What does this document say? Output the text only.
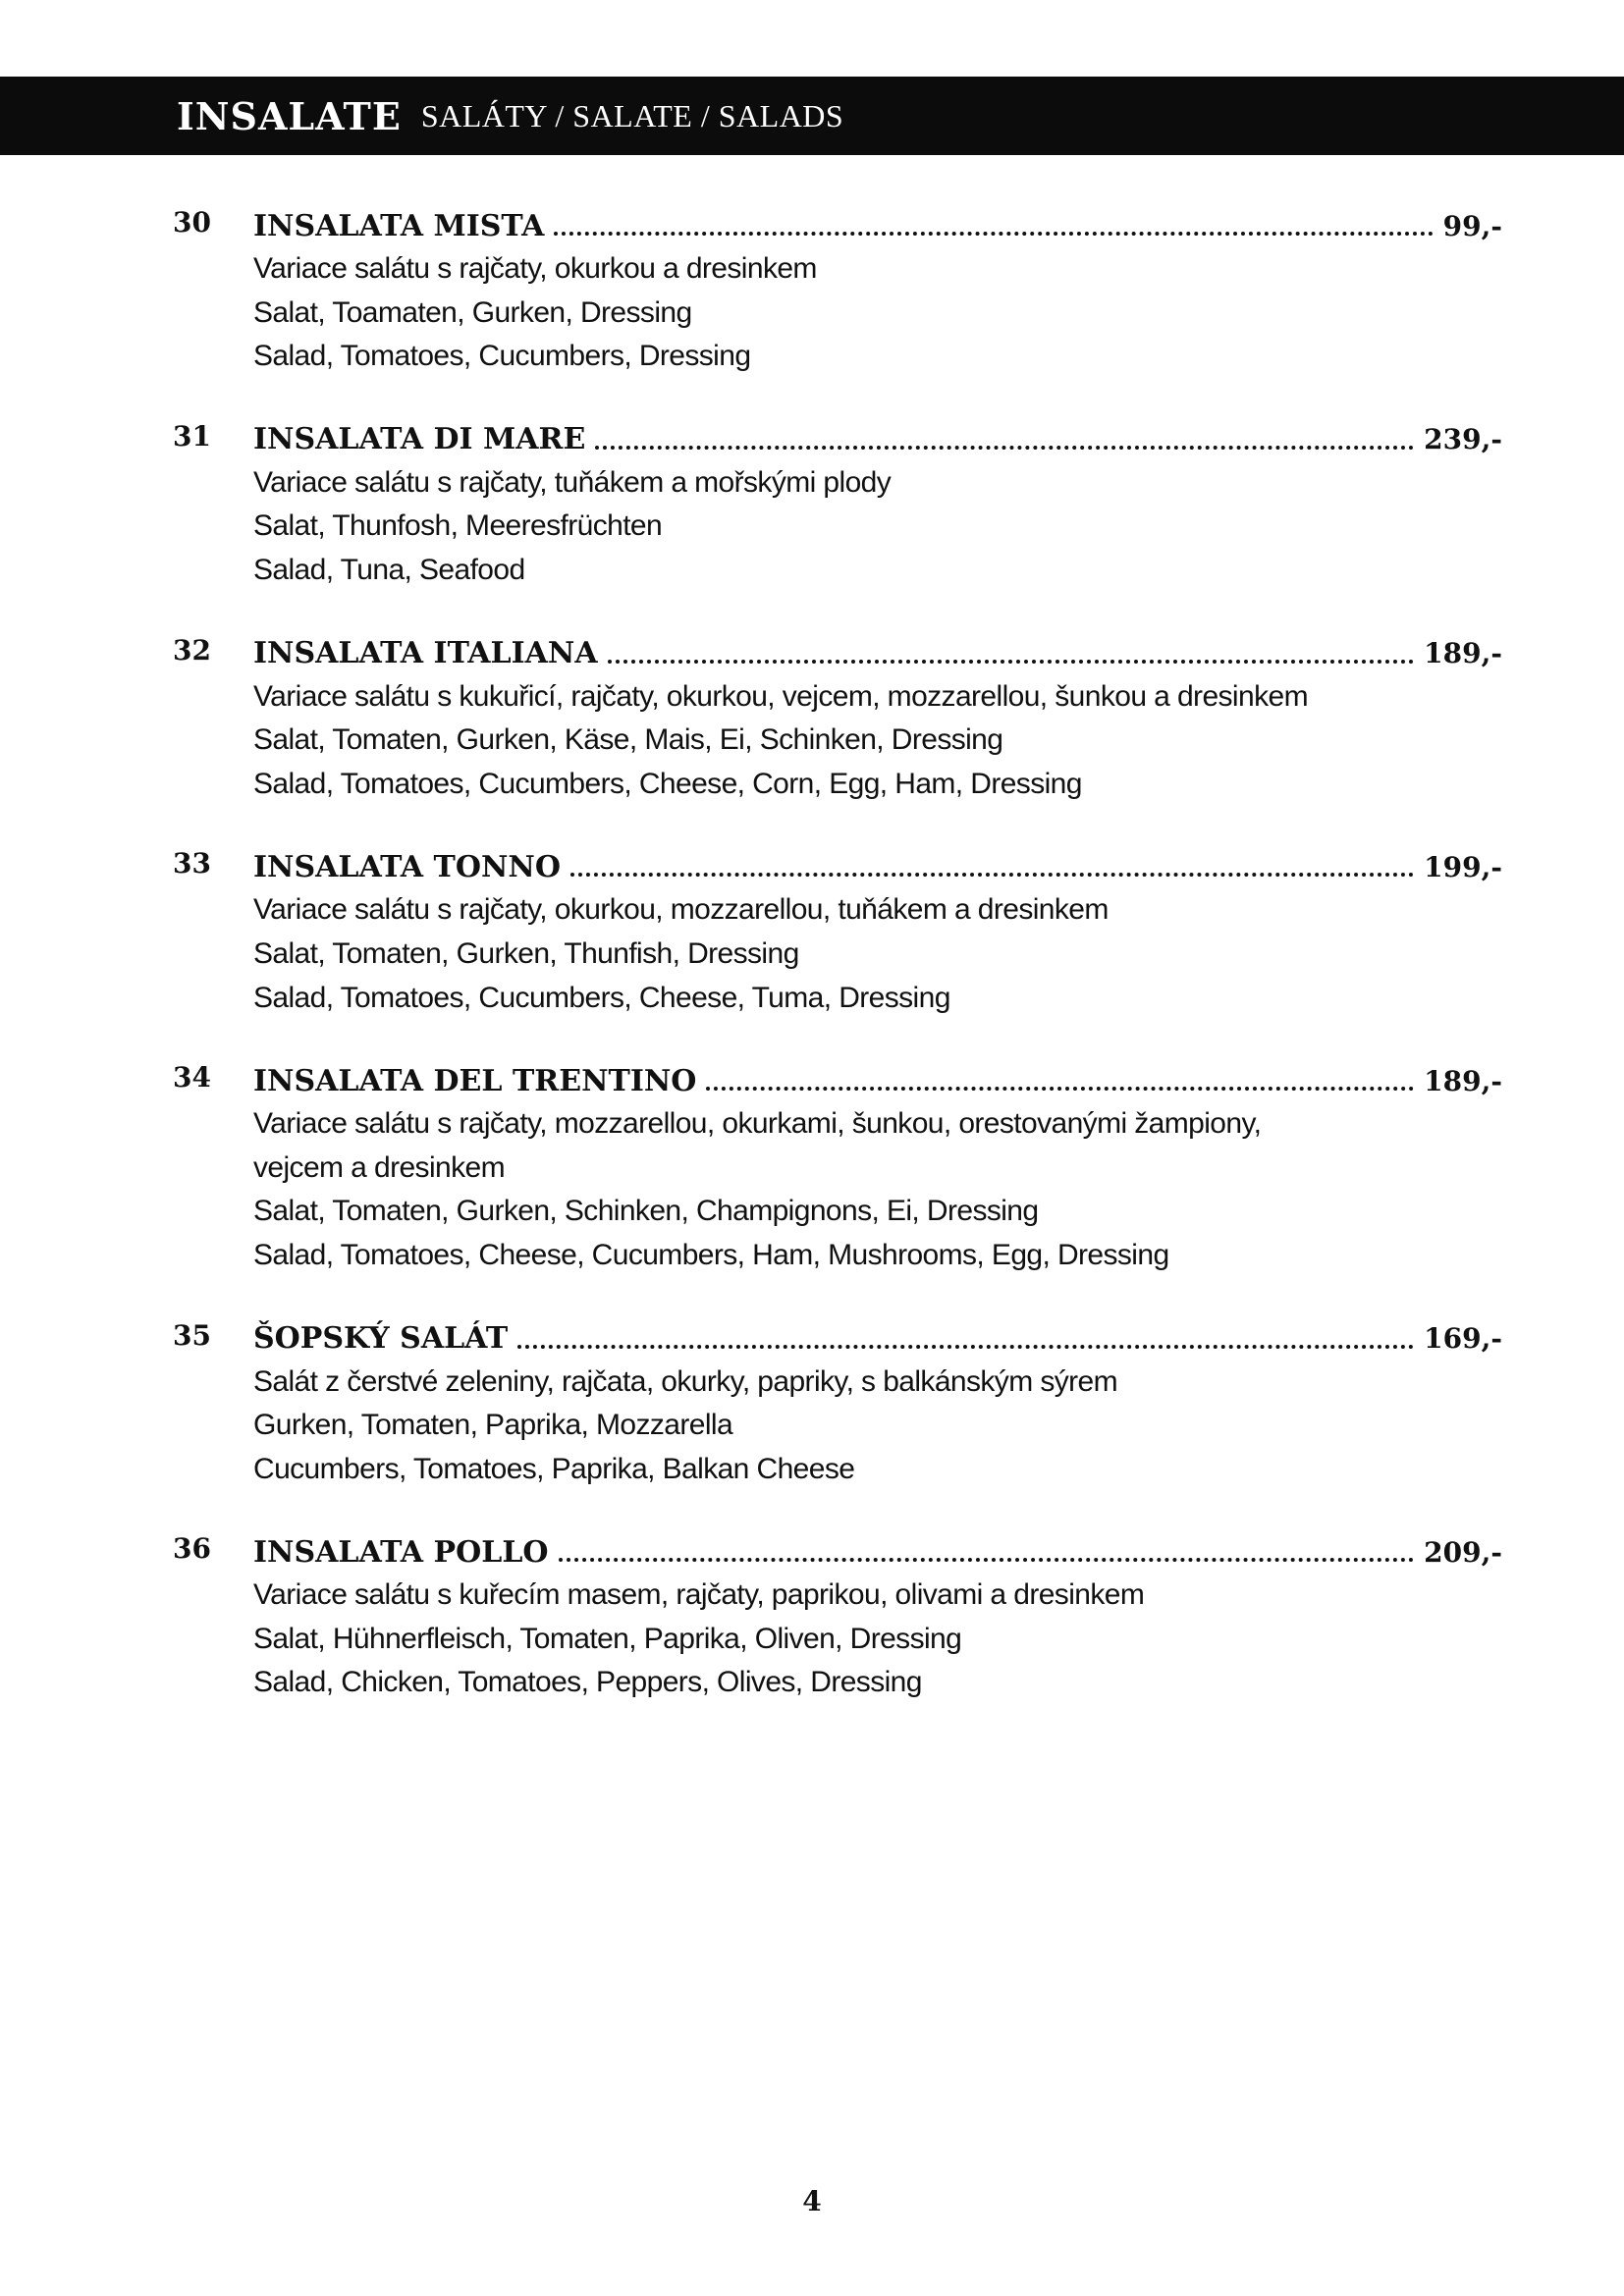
INSALATE SALÁTY / SALATE / SALADS
30 INSALATA MISTA	99,-
Variace salátu s rajčaty, okurkou a dresinkem
Salat, Toamaten, Gurken, Dressing
Salad, Tomatoes, Cucumbers, Dressing
31 INSALATA DI MARE	239,-
Variace salátu s rajčaty, tuňákem a mořskými plody
Salat, Thunfosh, Meeresfrüchten
Salad, Tuna, Seafood
32 INSALATA ITALIANA	189,-
Variace salátu s kukuřicí, rajčaty, okurkou, vejcem, mozzarellou, šunkou a dresinkem
Salat, Tomaten, Gurken, Käse, Mais, Ei, Schinken, Dressing
Salad, Tomatoes, Cucumbers, Cheese, Corn, Egg, Ham, Dressing
33 INSALATA TONNO	199,-
Variace salátu s rajčaty, okurkou, mozzarellou, tuňákem a dresinkem
Salat, Tomaten, Gurken, Thunfish, Dressing
Salad, Tomatoes, Cucumbers, Cheese, Tuma, Dressing
34 INSALATA DEL TRENTINO	189,-
Variace salátu s rajčaty, mozzarellou, okurkami, šunkou, orestovanými žampiony,
vejcem a dresinkem
Salat, Tomaten, Gurken, Schinken, Champignons, Ei, Dressing
Salad, Tomatoes, Cheese, Cucumbers, Ham, Mushrooms, Egg, Dressing
35 ŠOPSKÝ SALÁT	169,-
Salát z čerstvé zeleniny, rajčata, okurky, papriky, s balkánským sýrem
Gurken, Tomaten, Paprika, Mozzarella
Cucumbers, Tomatoes, Paprika, Balkan Cheese
36 INSALATA POLLO	209,-
Variace salátu s kuřecím masem, rajčaty, paprikou, olivami a dresinkem
Salat, Hühnerfleisch, Tomaten, Paprika, Oliven, Dressing
Salad, Chicken, Tomatoes, Peppers, Olives, Dressing
4
